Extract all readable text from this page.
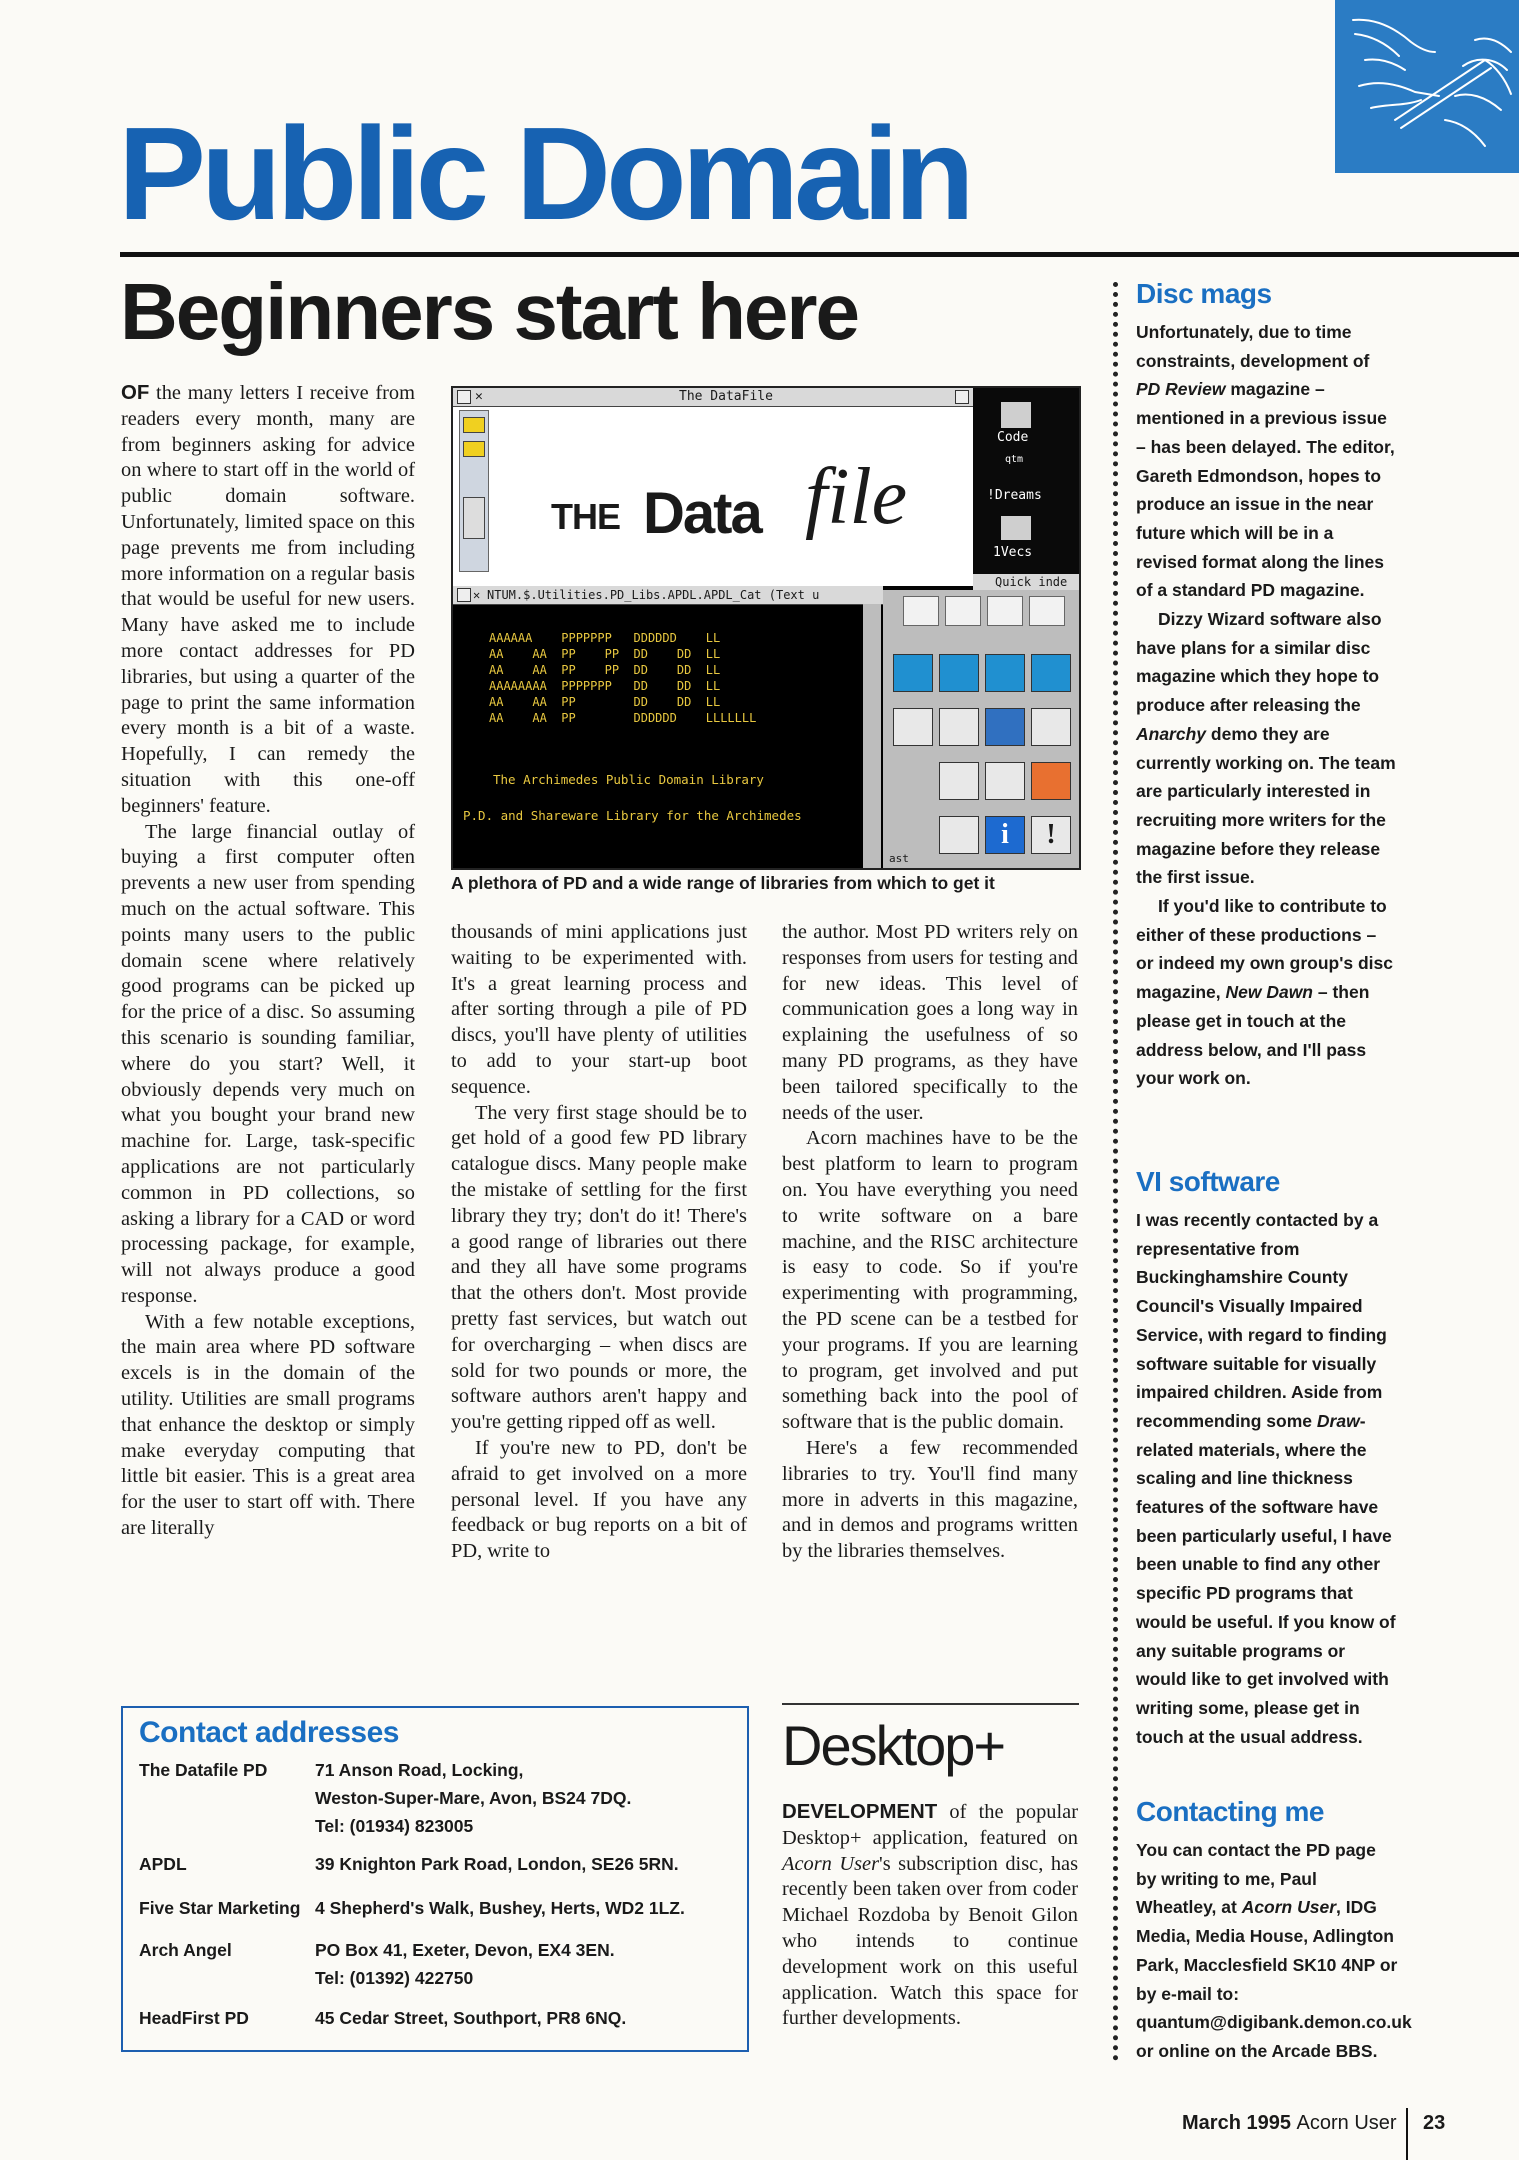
Public Domain
Beginners start here

OF the many letters I receive from readers every month, many are from beginners asking for advice on where to start off in the world of public domain software. Unfortunately, limited space on this page prevents me from including more information on a regular basis that would be useful for new users. Many have asked me to include more contact addresses for PD libraries, but using a quarter of the page to print the same information every month is a bit of a waste. Hopefully, I can remedy the situation with this one-off beginners' feature.

The large financial outlay of buying a first computer often prevents a new user from spending much on the actual software. This points many users to the public domain scene where relatively good programs can be picked up for the price of a disc. So assuming this scenario is sounding familiar, where do you start? Well, it obviously depends very much on what you bought your brand new machine for. Large, task-specific applications are not particularly common in PD collections, so asking a library for a CAD or word processing package, for example, will not always produce a good response.

With a few notable exceptions, the main area where PD software excels is in the domain of the utility. Utilities are small programs that enhance the desktop or simply make everyday computing that little bit easier. This is a great area for the user to start off with. There are literally

✕	The DataFile
THE Data file
Code
qtm
!Dreams
1Vecs
Quick inde
✕ NTUM.$.Utilities.PD_Libs.APDL.APDL_Cat (Text u
AAAAAA    PPPPPPP   DDDDDD    LL
AA    AA  PP    PP  DD    DD  LL
AA    AA  PP    PP  DD    DD  LL
AAAAAAAA  PPPPPPP   DD    DD  LL
AA    AA  PP        DD    DD  LL
AA    AA  PP        DDDDDD    LLLLLLL
The Archimedes Public Domain Library
P.D. and Shareware Library for the Archimedes
i	!
ast
A plethora of PD and a wide range of libraries from which to get it

thousands of mini applications just waiting to be experimented with. It's a great learning process and after sorting through a pile of PD discs, you'll have plenty of utilities to add to your start-up boot sequence.

The very first stage should be to get hold of a good few PD library catalogue discs. Many people make the mistake of settling for the first library they try; don't do it! There's a good range of libraries out there and they all have some programs that the others don't. Most provide pretty fast services, but watch out for overcharging – when discs are sold for two pounds or more, the software authors aren't happy and you're getting ripped off as well.

If you're new to PD, don't be afraid to get involved on a more personal level. If you have any feedback or bug reports on a bit of PD, write to

the author. Most PD writers rely on responses from users for testing and for new ideas. This level of communication goes a long way in explaining the usefulness of so many PD programs, as they have been tailored specifically to the needs of the user.

Acorn machines have to be the best platform to learn to program on. You have everything you need to write software on a bare machine, and the RISC architecture is easy to code. So if you're experimenting with programming, the PD scene can be a testbed for your programs. If you are learning to program, get involved and put something back into the pool of software that is the public domain.

Here's a few recommended libraries to try. You'll find many more in adverts in this magazine, and in demos and programs written by the libraries themselves.

Contact addresses
The Datafile PD	71 Anson Road, Locking,
Weston-Super-Mare, Avon, BS24 7DQ.
Tel: (01934) 823005
APDL	39 Knighton Park Road, London, SE26 5RN.
Five Star Marketing 4 Shepherd's Walk, Bushey, Herts, WD2 1LZ.
Arch Angel	PO Box 41, Exeter, Devon, EX4 3EN.
Tel: (01392) 422750
HeadFirst PD	45 Cedar Street, Southport, PR8 6NQ.
Desktop+

DEVELOPMENT of the popular Desktop+ application, featured on Acorn User's subscription disc, has recently been taken over from coder Michael Rozdoba by Benoit Gilon who intends to continue development work on this useful application. Watch this space for further developments.

Disc mags

Unfortunately, due to time constraints, development of PD Review magazine – mentioned in a previous issue – has been delayed. The editor, Gareth Edmondson, hopes to produce an issue in the near future which will be in a revised format along the lines of a standard PD magazine.

Dizzy Wizard software also have plans for a similar disc magazine which they hope to produce after releasing the Anarchy demo they are currently working on. The team are particularly interested in recruiting more writers for the magazine before they release the first issue.

If you'd like to contribute to either of these productions – or indeed my own group's disc magazine, New Dawn – then please get in touch at the address below, and I'll pass your work on.

VI software

I was recently contacted by a representative from Buckinghamshire County Council's Visually Impaired Service, with regard to finding software suitable for visually impaired children. Aside from recommending some Draw-related materials, where the scaling and line thickness features of the software have been particularly useful, I have been unable to find any other specific PD programs that would be useful. If you know of any suitable programs or would like to get involved with writing some, please get in touch at the usual address.

Contacting me

You can contact the PD page by writing to me, Paul Wheatley, at Acorn User, IDG Media, Media House, Adlington Park, Macclesfield SK10 4NP or by e-mail to: quantum@digibank.demon.co.uk or online on the Arcade BBS.

March 1995 Acorn User 23
